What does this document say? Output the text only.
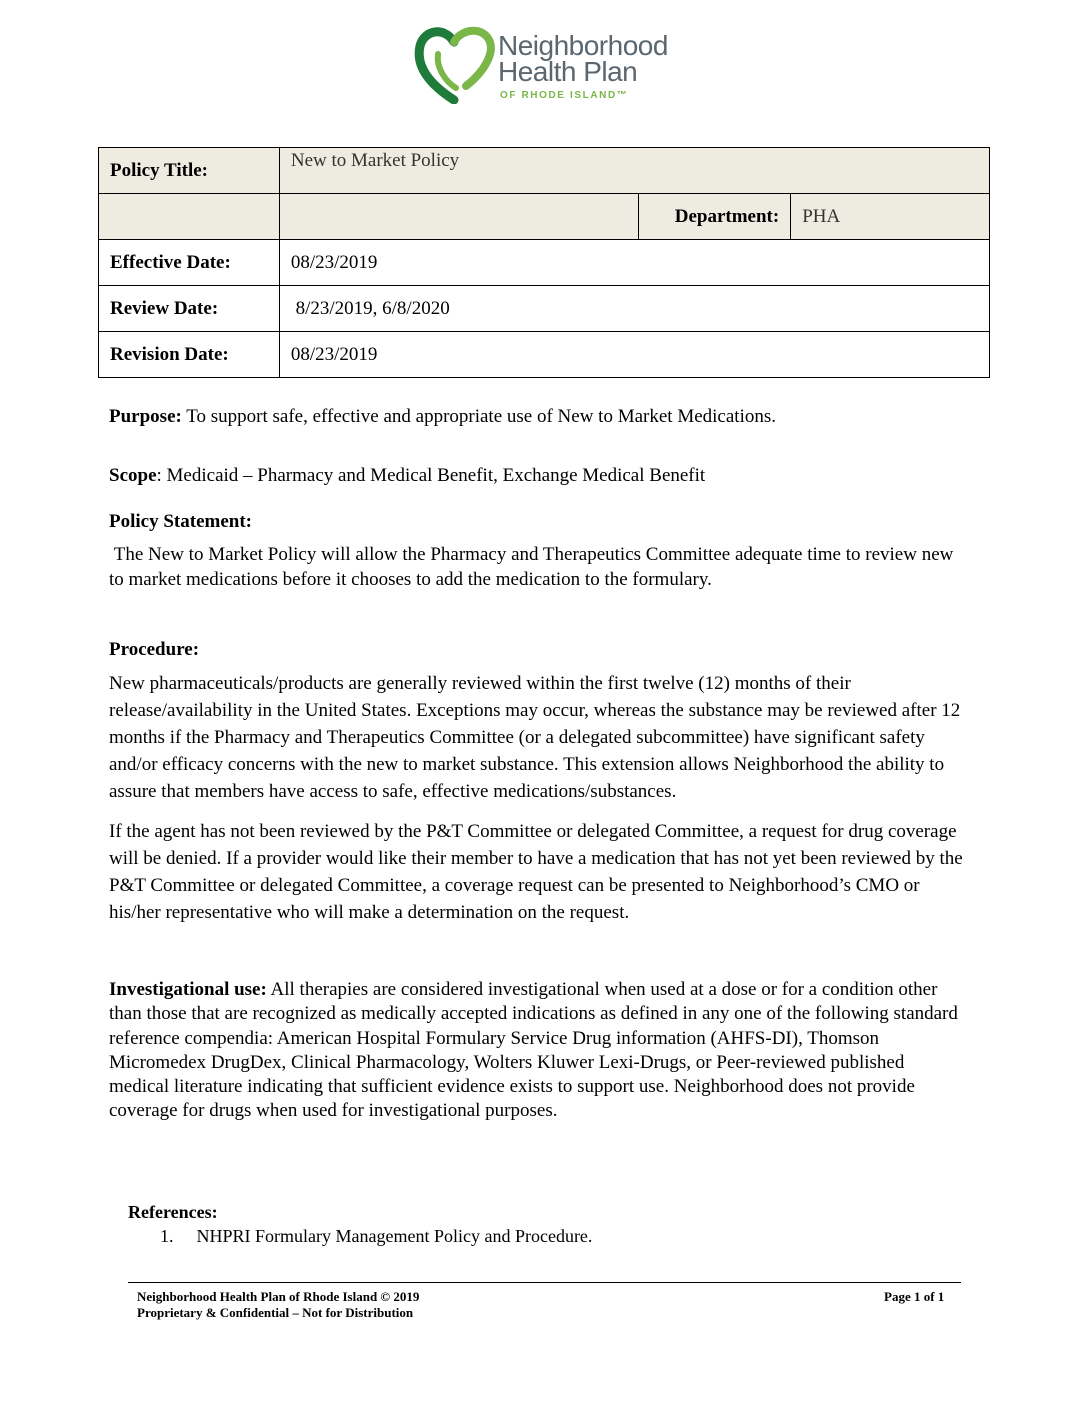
Neighborhood
Health Plan
OF RHODE ISLAND™
Policy Title:	New to Market Policy		
		Department:	PHA
Effective Date:	08/23/2019		
Review Date:	8/23/2019, 6/8/2020		
Revision Date:	08/23/2019		
Purpose: To support safe, effective and appropriate use of New to Market Medications.
Scope: Medicaid – Pharmacy and Medical Benefit, Exchange Medical Benefit
Policy Statement:
The New to Market Policy will allow the Pharmacy and Therapeutics Committee adequate time to review new to market medications before it chooses to add the medication to the formulary.
Procedure:
New pharmaceuticals/products are generally reviewed within the first twelve (12) months of their release/availability in the United States. Exceptions may occur, whereas the substance may be reviewed after 12 months if the Pharmacy and Therapeutics Committee (or a delegated subcommittee) have significant safety and/or efficacy concerns with the new to market substance. This extension allows Neighborhood the ability to assure that members have access to safe, effective medications/substances.
If the agent has not been reviewed by the P&T Committee or delegated Committee, a request for drug coverage will be denied. If a provider would like their member to have a medication that has not yet been reviewed by the P&T Committee or delegated Committee, a coverage request can be presented to Neighborhood’s CMO or his/her representative who will make a determination on the request.
Investigational use: All therapies are considered investigational when used at a dose or for a condition other than those that are recognized as medically accepted indications as defined in any one of the following standard reference compendia: American Hospital Formulary Service Drug information (AHFS-DI), Thomson Micromedex DrugDex, Clinical Pharmacology, Wolters Kluwer Lexi-Drugs, or Peer-reviewed published medical literature indicating that sufficient evidence exists to support use. Neighborhood does not provide coverage for drugs when used for investigational purposes.
References:
1. NHPRI Formulary Management Policy and Procedure.
Neighborhood Health Plan of Rhode Island © 2019
Proprietary & Confidential – Not for Distribution
Page 1 of 1
